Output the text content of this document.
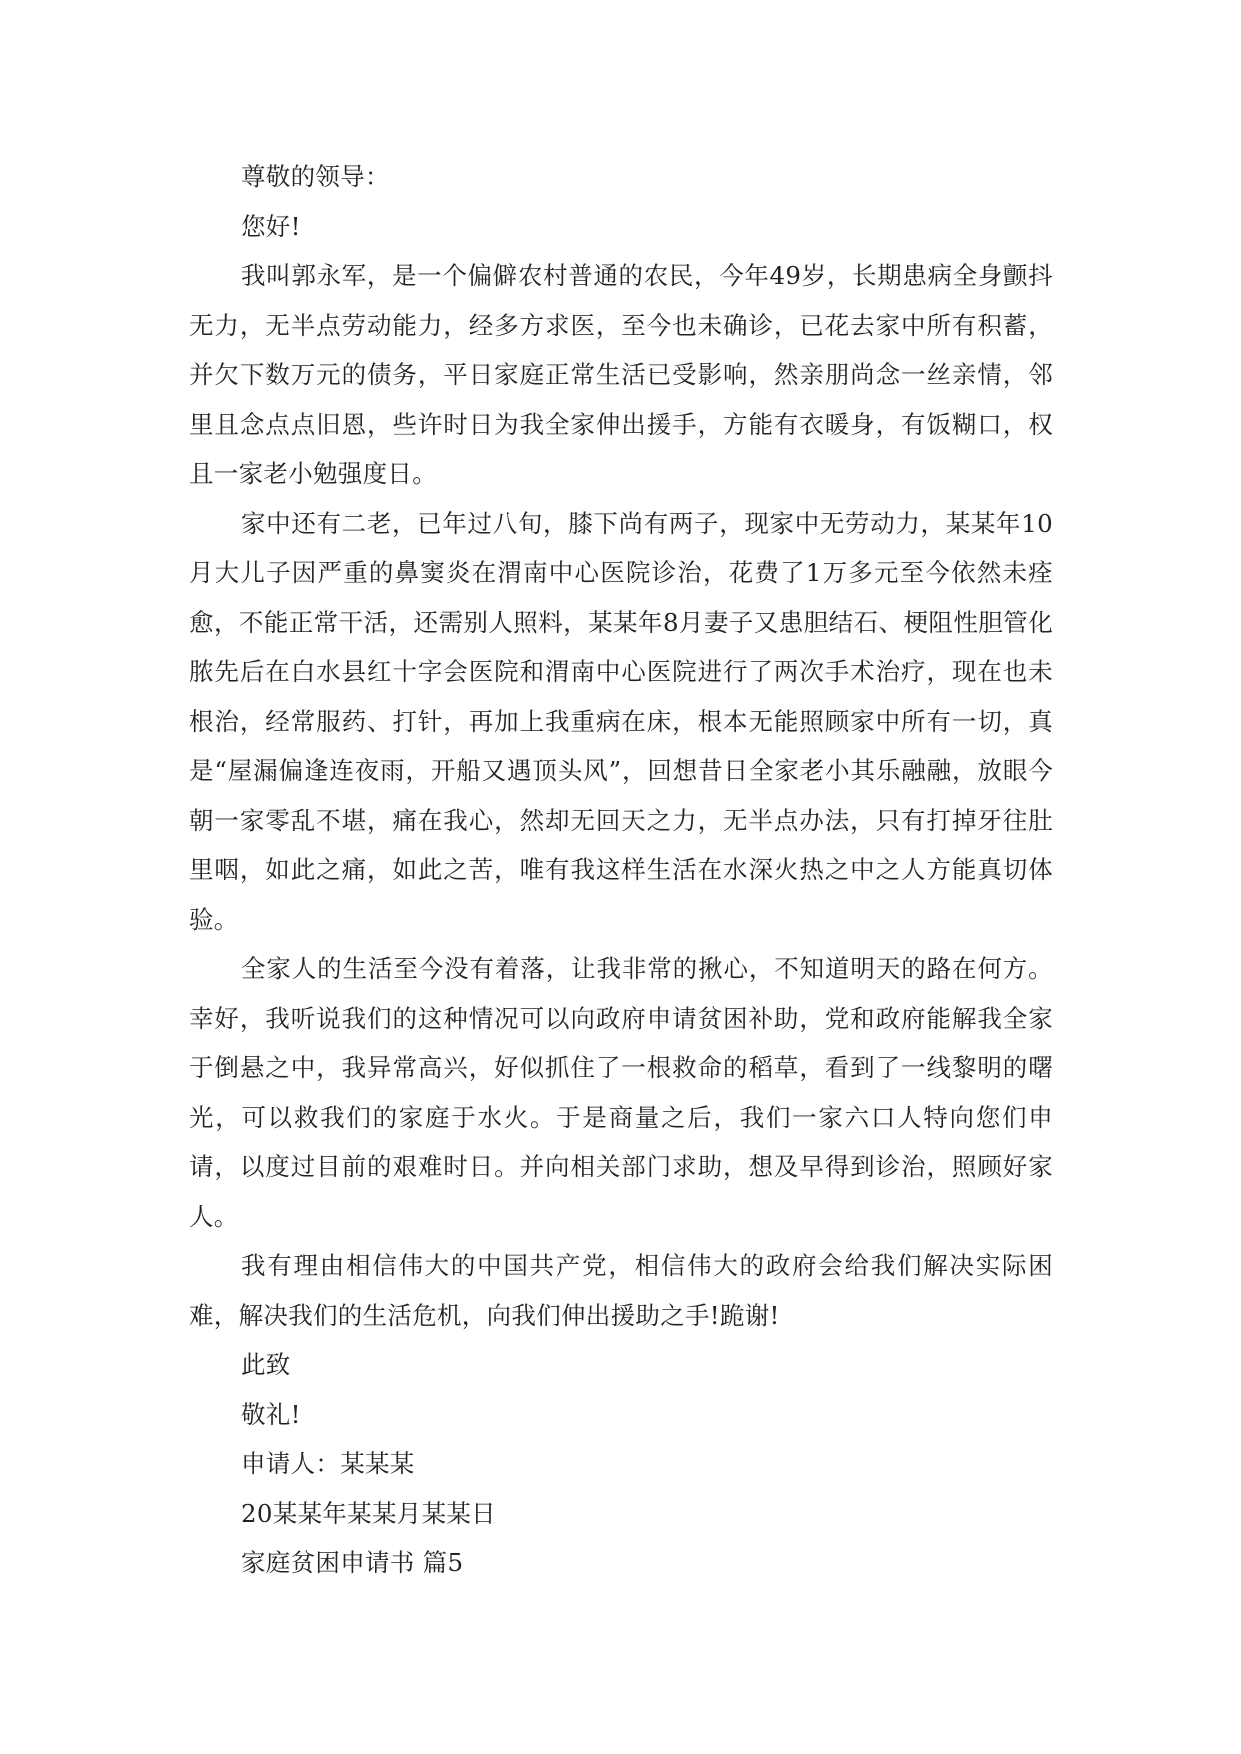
尊敬的领导：

您好!

我叫郭永军，是一个偏僻农村普通的农民，今年49岁，长期患病全身颤抖无力，无半点劳动能力，经多方求医，至今也未确诊，已花去家中所有积蓄，并欠下数万元的债务，平日家庭正常生活已受影响，然亲朋尚念一丝亲情，邻里且念点点旧恩，些许时日为我全家伸出援手，方能有衣暖身，有饭糊口，权且一家老小勉强度日。

家中还有二老，已年过八旬，膝下尚有两子，现家中无劳动力，某某年10月大儿子因严重的鼻窦炎在渭南中心医院诊治，花费了1万多元至今依然未痊愈，不能正常干活，还需别人照料，某某年8月妻子又患胆结石、梗阻性胆管化脓先后在白水县红十字会医院和渭南中心医院进行了两次手术治疗，现在也未根治，经常服药、打针，再加上我重病在床，根本无能照顾家中所有一切，真是“屋漏偏逢连夜雨，开船又遇顶头风”，回想昔日全家老小其乐融融，放眼今朝一家零乱不堪，痛在我心，然却无回天之力，无半点办法，只有打掉牙往肚里咽，如此之痛，如此之苦，唯有我这样生活在水深火热之中之人方能真切体验。

全家人的生活至今没有着落，让我非常的揪心，不知道明天的路在何方。幸好，我听说我们的这种情况可以向政府申请贫困补助，党和政府能解我全家于倒悬之中，我异常高兴，好似抓住了一根救命的稻草，看到了一线黎明的曙光，可以救我们的家庭于水火。于是商量之后，我们一家六口人特向您们申请，以度过目前的艰难时日。并向相关部门求助，想及早得到诊治，照顾好家人。

我有理由相信伟大的中国共产党，相信伟大的政府会给我们解决实际困难，解决我们的生活危机，向我们伸出援助之手!跪谢!

此致

敬礼!

申请人：某某某

20某某年某某月某某日

家庭贫困申请书 篇5
